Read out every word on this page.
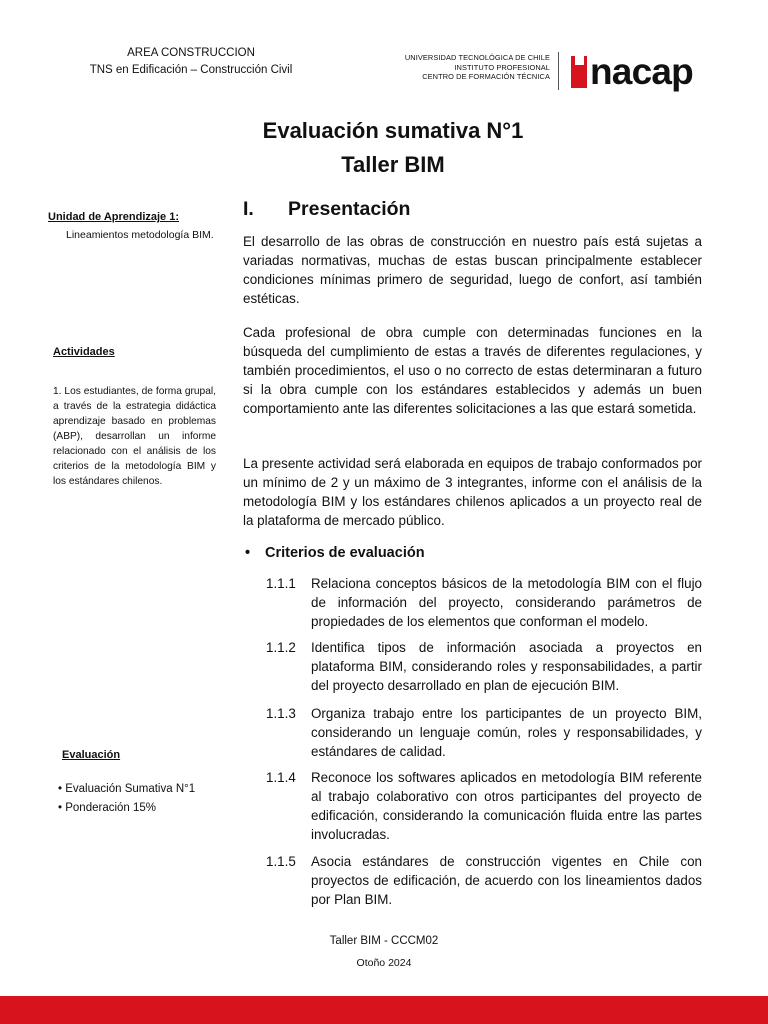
AREA CONSTRUCCION
TNS en Edificación – Construcción Civil
UNIVERSIDAD TECNOLÓGICA DE CHILE
INSTITUTO PROFESIONAL
CENTRO DE FORMACIÓN TÉCNICA nacap
Evaluación sumativa N°1
Taller BIM
Unidad de Aprendizaje 1:
Lineamientos metodología BIM.
Actividades
1. Los estudiantes, de forma grupal, a través de la estrategia didáctica aprendizaje basado en problemas (ABP), desarrollan un informe relacionado con el análisis de los criterios de la metodología BIM y los estándares chilenos.
Evaluación
• Evaluación Sumativa N°1
• Ponderación 15%
I. Presentación
El desarrollo de las obras de construcción en nuestro país está sujetas a variadas normativas, muchas de estas buscan principalmente establecer condiciones mínimas primero de seguridad, luego de confort, así también estéticas.
Cada profesional de obra cumple con determinadas funciones en la búsqueda del cumplimiento de estas a través de diferentes regulaciones, y también procedimientos, el uso o no correcto de estas determinaran a futuro si la obra cumple con los estándares establecidos y además un buen comportamiento ante las diferentes solicitaciones a las que estará sometida.
La presente actividad será elaborada en equipos de trabajo conformados por un mínimo de 2 y un máximo de 3 integrantes, informe con el análisis de la metodología BIM y los estándares chilenos aplicados a un proyecto real de la plataforma de mercado público.
• Criterios de evaluación
1.1.1	Relaciona conceptos básicos de la metodología BIM con el flujo de información del proyecto, considerando parámetros de propiedades de los elementos que conforman el modelo.
1.1.2	Identifica tipos de información asociada a proyectos en plataforma BIM, considerando roles y responsabilidades, a partir del proyecto desarrollado en plan de ejecución BIM.
1.1.3	Organiza trabajo entre los participantes de un proyecto BIM, considerando un lenguaje común, roles y responsabilidades, y estándares de calidad.
1.1.4	Reconoce los softwares aplicados en metodología BIM referente al trabajo colaborativo con otros participantes del proyecto de edificación, considerando la comunicación fluida entre las partes involucradas.
1.1.5	Asocia estándares de construcción vigentes en Chile con proyectos de edificación, de acuerdo con los lineamientos dados por Plan BIM.
Taller BIM - CCCM02
Otoño 2024
